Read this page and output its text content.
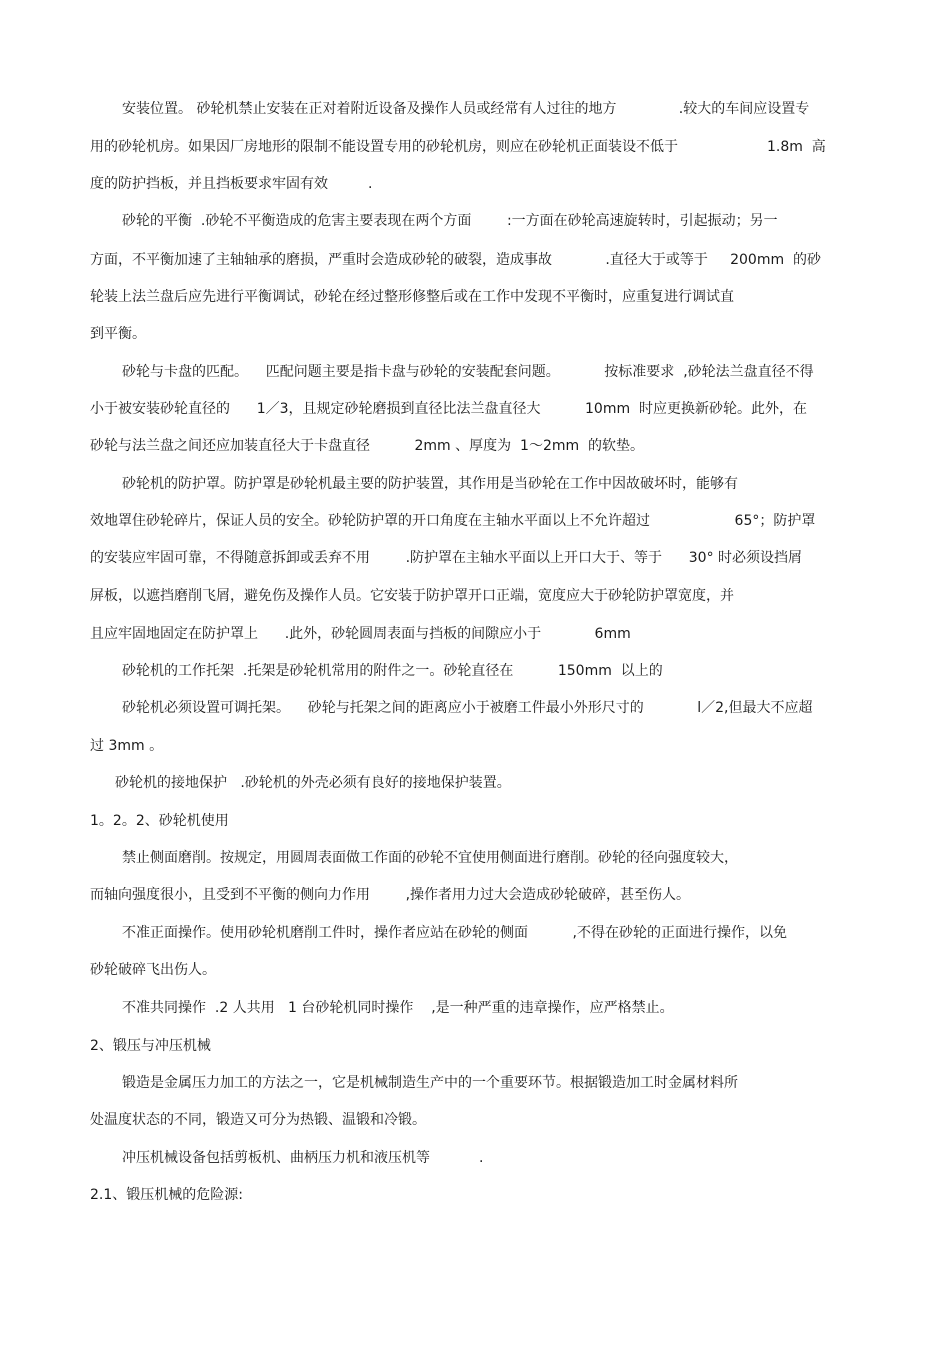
安装位置。 砂轮机禁止安装在正对着附近设备及操作人员或经常有人过往的地方              .较大的车间应设置专
用的砂轮机房。如果因厂房地形的限制不能设置专用的砂轮机房，则应在砂轮机正面装设不低于                    1.8m  高
度的防护挡板，并且挡板要求牢固有效         .
砂轮的平衡  .砂轮不平衡造成的危害主要表现在两个方面        :一方面在砂轮高速旋转时，引起振动；另一
方面，不平衡加速了主轴轴承的磨损，严重时会造成砂轮的破裂，造成事故            .直径大于或等于     200mm  的砂
轮装上法兰盘后应先进行平衡调试，砂轮在经过整形修整后或在工作中发现不平衡时，应重复进行调试直
到平衡。
砂轮与卡盘的匹配。    匹配问题主要是指卡盘与砂轮的安装配套问题。          按标准要求  ,砂轮法兰盘直径不得
小于被安装砂轮直径的      1／3，且规定砂轮磨损到直径比法兰盘直径大          10mm  时应更换新砂轮。此外，在
砂轮与法兰盘之间还应加装直径大于卡盘直径          2mm 、厚度为  1～2mm  的软垫。
砂轮机的防护罩。防护罩是砂轮机最主要的防护装置，其作用是当砂轮在工作中因故破坏时，能够有
效地罩住砂轮碎片，保证人员的安全。砂轮防护罩的开口角度在主轴水平面以上不允许超过                   65°；防护罩
的安装应牢固可靠，不得随意拆卸或丢弃不用        .防护罩在主轴水平面以上开口大于、等于      30° 时必须设挡屑
屏板，以遮挡磨削飞屑，避免伤及操作人员。它安装于防护罩开口正端，宽度应大于砂轮防护罩宽度，并
且应牢固地固定在防护罩上      .此外，砂轮圆周表面与挡板的间隙应小于            6mm
砂轮机的工作托架  .托架是砂轮机常用的附件之一。砂轮直径在          150mm  以上的
砂轮机必须设置可调托架。    砂轮与托架之间的距离应小于被磨工件最小外形尺寸的            l／2,但最大不应超
过 3mm 。
砂轮机的接地保护   .砂轮机的外壳必须有良好的接地保护装置。
1。2。2、砂轮机使用
禁止侧面磨削。按规定，用圆周表面做工作面的砂轮不宜使用侧面进行磨削。砂轮的径向强度较大，
而轴向强度很小，且受到不平衡的侧向力作用        ,操作者用力过大会造成砂轮破碎，甚至伤人。
不准正面操作。使用砂轮机磨削工件时，操作者应站在砂轮的侧面          ,不得在砂轮的正面进行操作，以免
砂轮破碎飞出伤人。
不准共同操作  .2 人共用   1 台砂轮机同时操作    ,是一种严重的违章操作，应严格禁止。
2、锻压与冲压机械
锻造是金属压力加工的方法之一，它是机械制造生产中的一个重要环节。根据锻造加工时金属材料所
处温度状态的不同，锻造又可分为热锻、温锻和冷锻。
冲压机械设备包括剪板机、曲柄压力机和液压机等           .
2.1、锻压机械的危险源:
